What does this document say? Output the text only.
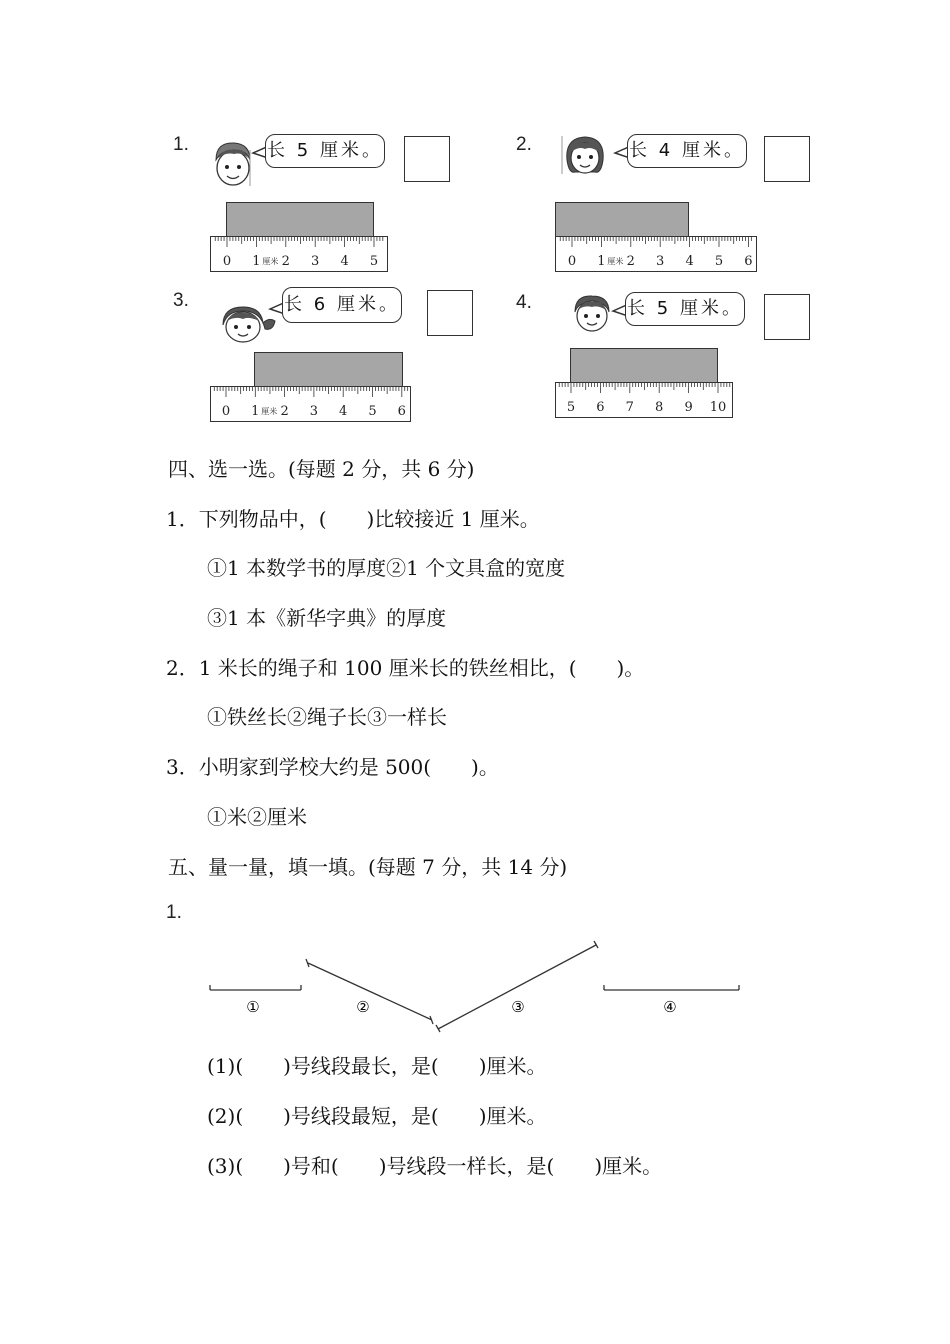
1.	长 5 厘米。
0 1 厘米 2 3 4 5
2.	长 4 厘米。
0 1 厘米 2 3 4 5 6
3.	长 6 厘米。
0 1 厘米 2 3 4 5 6
4.	长 5 厘米。
5 6 7 8 9 10
四、选一选。(每题 2 分，共 6 分)
1．下列物品中，(　　)比较接近 1 厘米。
①1 本数学书的厚度②1 个文具盒的宽度
③1 本《新华字典》的厚度
2．1 米长的绳子和 100 厘米长的铁丝相比，(　　)。
①铁丝长②绳子长③一样长
3．小明家到学校大约是 500(　　)。
①米②厘米
五、量一量，填一填。(每题 7 分，共 14 分)
1.
①	②	③	④
(1)(　　)号线段最长，是(　　)厘米。
(2)(　　)号线段最短，是(　　)厘米。
(3)(　　)号和(　　)号线段一样长，是(　　)厘米。
